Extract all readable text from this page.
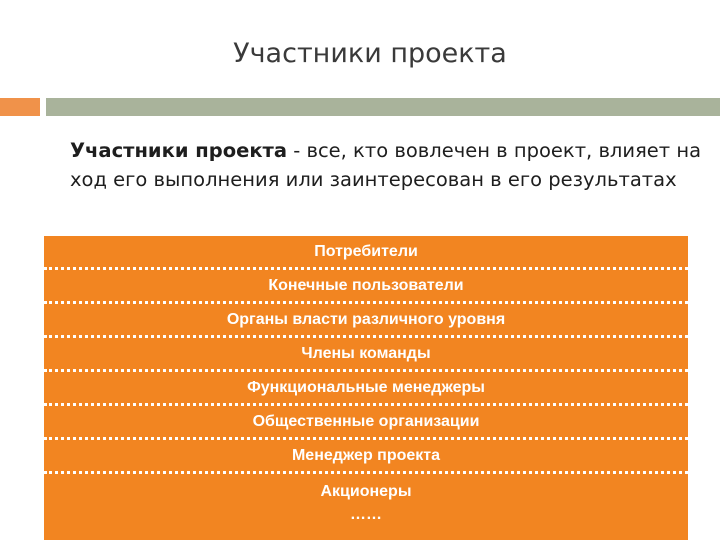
Участники проекта
Участники проекта - все, кто вовлечен в проект, влияет на ход его выполнения или заинтересован в его результатах
Потребители
Конечные пользователи
Органы власти различного уровня
Члены команды
Функциональные менеджеры
Общественные организации
Менеджер проекта
Акционеры
……
